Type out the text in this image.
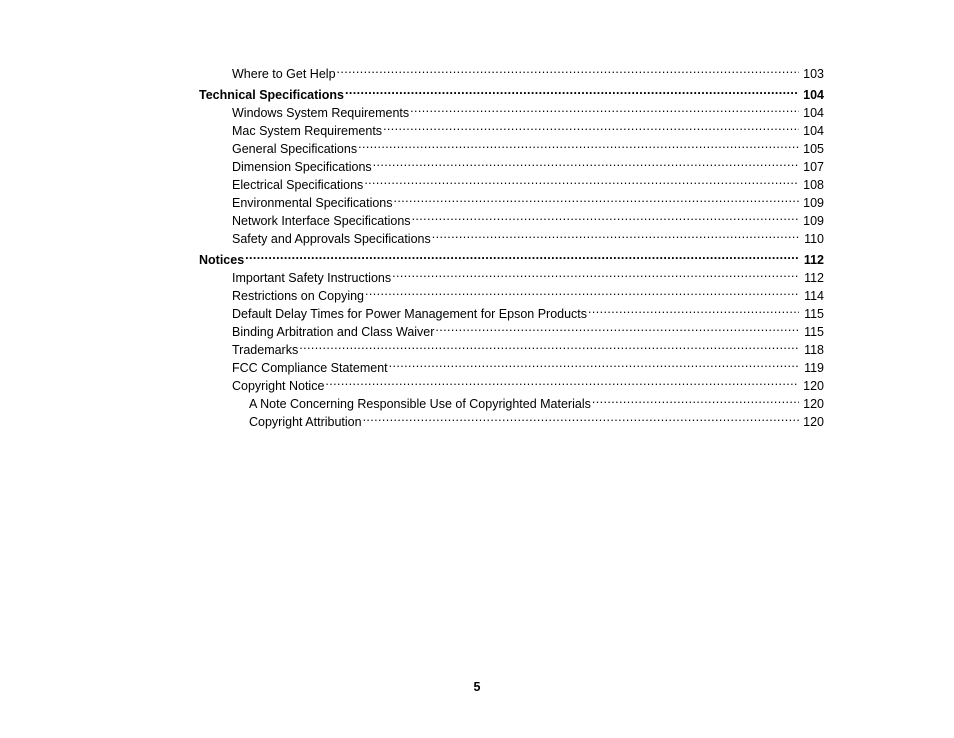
Where to Get Help .....	103
Technical Specifications .....	104
Windows System Requirements .....	104
Mac System Requirements .....	104
General Specifications .....	105
Dimension Specifications .....	107
Electrical Specifications .....	108
Environmental Specifications .....	109
Network Interface Specifications .....	109
Safety and Approvals Specifications .....	110
Notices .....	112
Important Safety Instructions .....	112
Restrictions on Copying .....	114
Default Delay Times for Power Management for Epson Products .....	115
Binding Arbitration and Class Waiver .....	115
Trademarks .....	118
FCC Compliance Statement .....	119
Copyright Notice .....	120
A Note Concerning Responsible Use of Copyrighted Materials .....	120
Copyright Attribution .....	120
5
